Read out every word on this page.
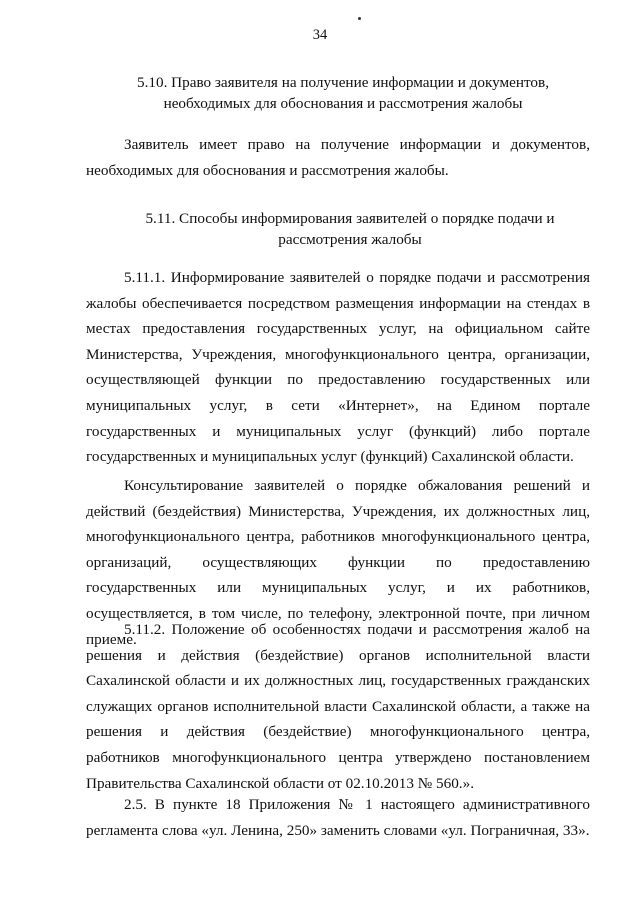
34
5.10. Право заявителя на получение информации и документов, необходимых для обоснования и рассмотрения жалобы

Заявитель имеет право на получение информации и документов, необходимых для обоснования и рассмотрения жалобы.

5.11. Способы информирования заявителей о порядке подачи и рассмотрения жалобы

5.11.1. Информирование заявителей о порядке подачи и рассмотрения жалобы обеспечивается посредством размещения информации на стендах в местах предоставления государственных услуг, на официальном сайте Министерства, Учреждения, многофункционального центра, организации, осуществляющей функции по предоставлению государственных или муниципальных услуг, в сети «Интернет», на Едином портале государственных и муниципальных услуг (функций) либо портале государственных и муниципальных услуг (функций) Сахалинской области.

Консультирование заявителей о порядке обжалования решений и действий (бездействия) Министерства, Учреждения, их должностных лиц, многофункционального центра, работников многофункционального центра, организаций, осуществляющих функции по предоставлению государственных или муниципальных услуг, и их работников, осуществляется, в том числе, по телефону, электронной почте, при личном приеме.

5.11.2. Положение об особенностях подачи и рассмотрения жалоб на решения и действия (бездействие) органов исполнительной власти Сахалинской области и их должностных лиц, государственных гражданских служащих органов исполнительной власти Сахалинской области, а также на решения и действия (бездействие) многофункционального центра, работников многофункционального центра утверждено постановлением Правительства Сахалинской области от 02.10.2013 № 560.».

2.5. В пункте 18 Приложения № 1 настоящего административного регламента слова «ул. Ленина, 250» заменить словами «ул. Пограничная, 33».
